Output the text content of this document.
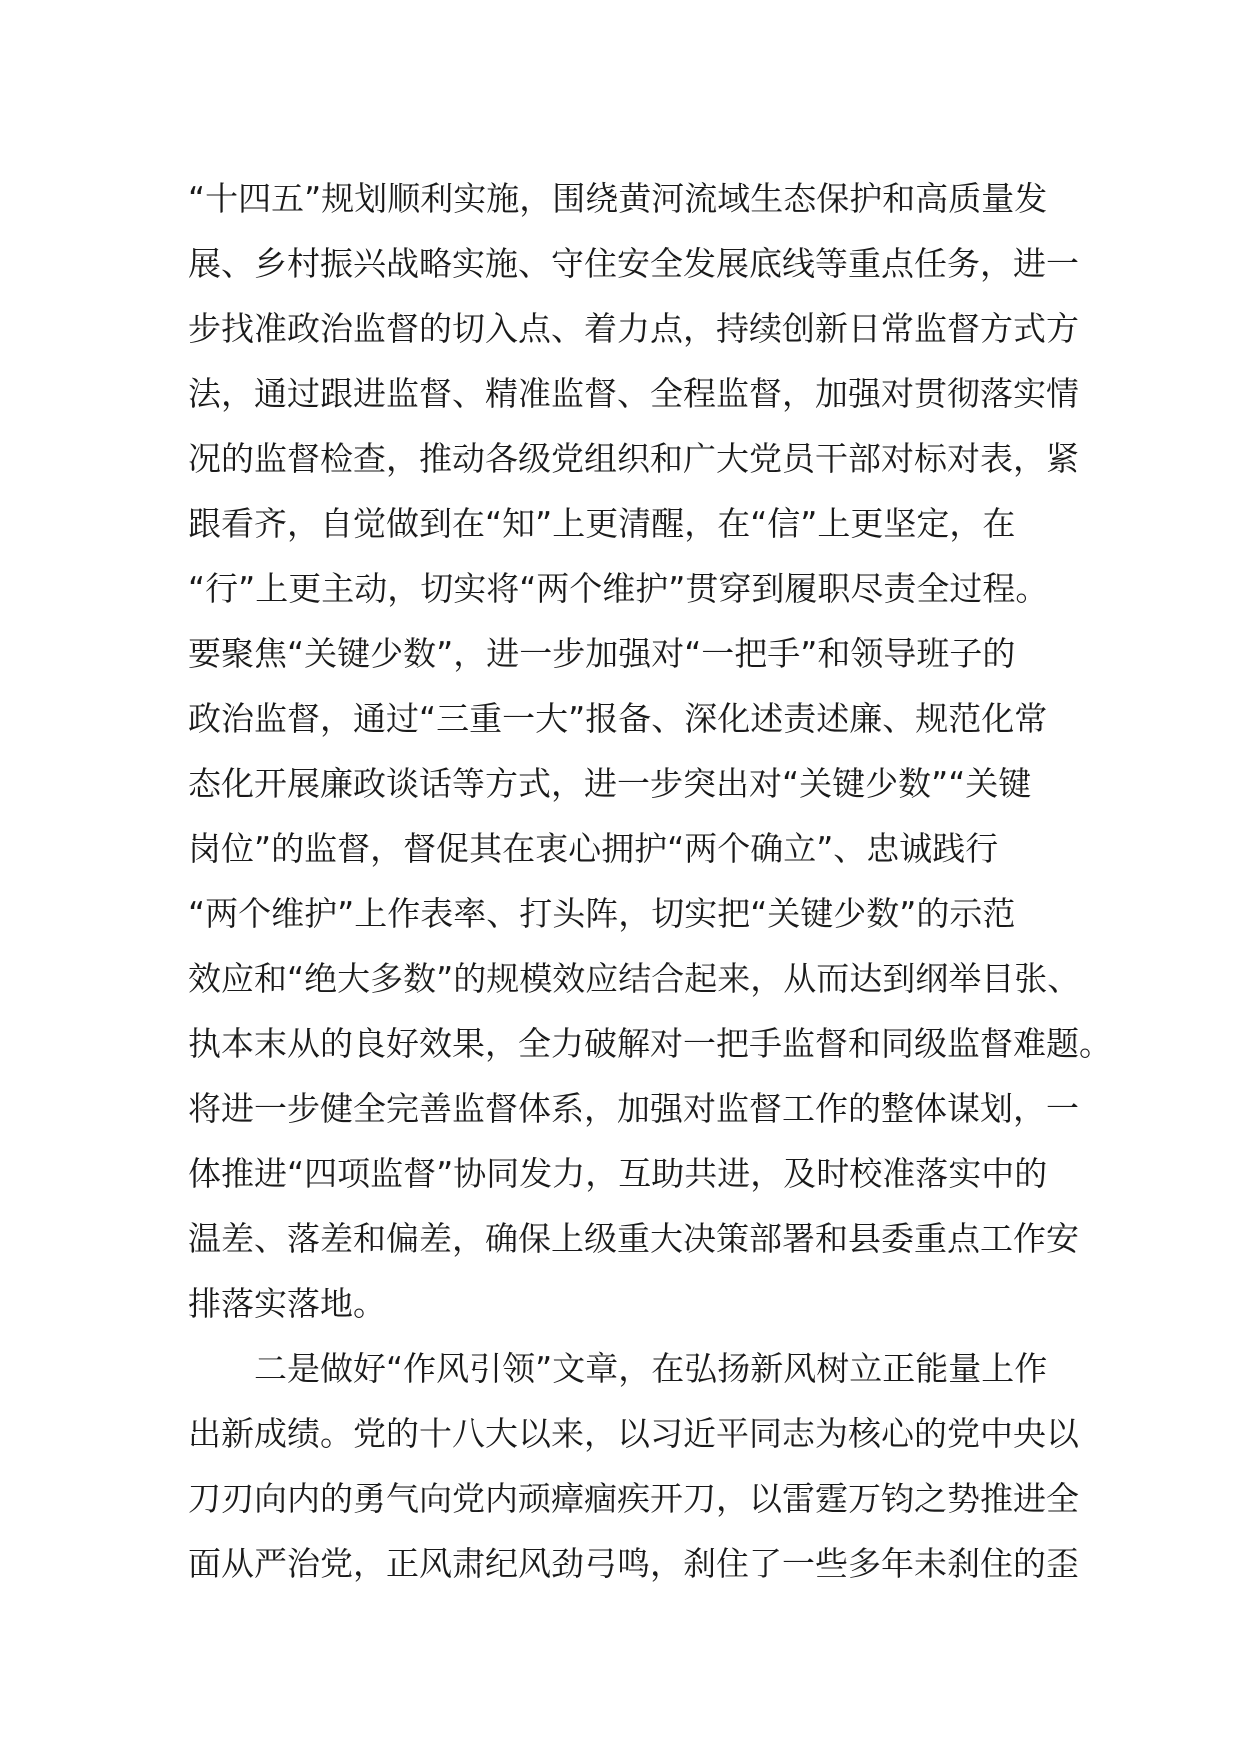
“十四五”规划顺利实施，围绕黄河流域生态保护和高质量发
展、乡村振兴战略实施、守住安全发展底线等重点任务，进一
步找准政治监督的切入点、着力点，持续创新日常监督方式方
法，通过跟进监督、精准监督、全程监督，加强对贯彻落实情
况的监督检查，推动各级党组织和广大党员干部对标对表，紧
跟看齐，自觉做到在“知”上更清醒，在“信”上更坚定，在
“行”上更主动，切实将“两个维护”贯穿到履职尽责全过程。
要聚焦“关键少数”，进一步加强对“一把手”和领导班子的
政治监督，通过“三重一大”报备、深化述责述廉、规范化常
态化开展廉政谈话等方式，进一步突出对“关键少数”“关键
岗位”的监督，督促其在衷心拥护“两个确立”、忠诚践行
“两个维护”上作表率、打头阵，切实把“关键少数”的示范
效应和“绝大多数”的规模效应结合起来，从而达到纲举目张、
执本末从的良好效果，全力破解对一把手监督和同级监督难题。
将进一步健全完善监督体系，加强对监督工作的整体谋划，一
体推进“四项监督”协同发力，互助共进，及时校准落实中的
温差、落差和偏差，确保上级重大决策部署和县委重点工作安
排落实落地。
二是做好“作风引领”文章，在弘扬新风树立正能量上作
出新成绩。党的十八大以来，以习近平同志为核心的党中央以
刀刃向内的勇气向党内顽瘴痼疾开刀，以雷霆万钧之势推进全
面从严治党，正风肃纪风劲弓鸣，刹住了一些多年未刹住的歪
